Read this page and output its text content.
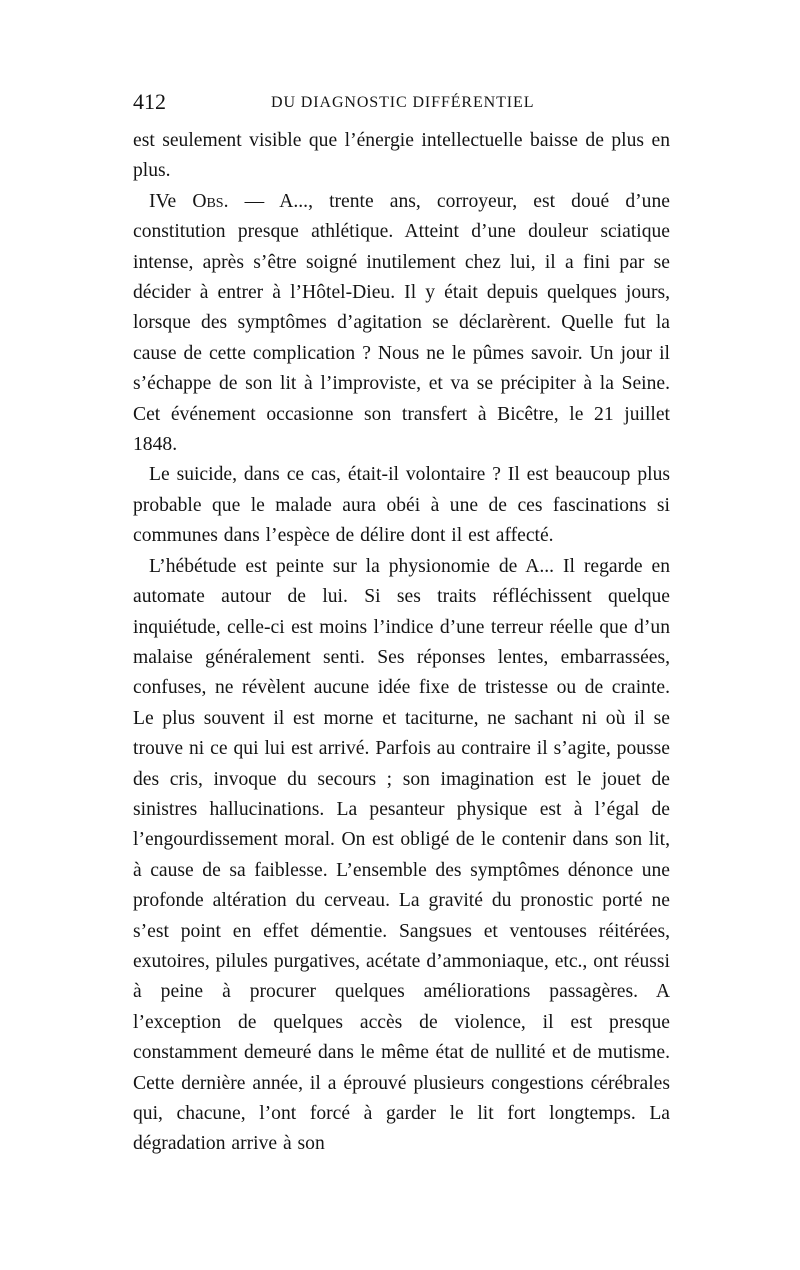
412	DU DIAGNOSTIC DIFFÉRENTIEL

est seulement visible que l’énergie intellectuelle baisse de plus en plus.

IVe Obs. — A..., trente ans, corroyeur, est doué d’une constitution presque athlétique. Atteint d’une douleur sciatique intense, après s’être soigné inutilement chez lui, il a fini par se décider à entrer à l’Hôtel-Dieu. Il y était depuis quelques jours, lorsque des symptômes d’agitation se déclarèrent. Quelle fut la cause de cette complication ? Nous ne le pûmes savoir. Un jour il s’échappe de son lit à l’improviste, et va se précipiter à la Seine. Cet événement occasionne son transfert à Bicêtre, le 21 juillet 1848.

Le suicide, dans ce cas, était-il volontaire ? Il est beaucoup plus probable que le malade aura obéi à une de ces fascinations si communes dans l’espèce de délire dont il est affecté.

L’hébétude est peinte sur la physionomie de A... Il regarde en automate autour de lui. Si ses traits réfléchissent quelque inquiétude, celle-ci est moins l’indice d’une terreur réelle que d’un malaise généralement senti. Ses réponses lentes, embarrassées, confuses, ne révèlent aucune idée fixe de tristesse ou de crainte. Le plus souvent il est morne et taciturne, ne sachant ni où il se trouve ni ce qui lui est arrivé. Parfois au contraire il s’agite, pousse des cris, invoque du secours ; son imagination est le jouet de sinistres hallucinations. La pesanteur physique est à l’égal de l’engourdissement moral. On est obligé de le contenir dans son lit, à cause de sa faiblesse. L’ensemble des symptômes dénonce une profonde altération du cerveau. La gravité du pronostic porté ne s’est point en effet démentie. Sangsues et ventouses réitérées, exutoires, pilules purgatives, acétate d’ammoniaque, etc., ont réussi à peine à procurer quelques améliorations passagères. A l’exception de quelques accès de violence, il est presque constamment demeuré dans le même état de nullité et de mutisme. Cette dernière année, il a éprouvé plusieurs congestions cérébrales qui, chacune, l’ont forcé à garder le lit fort longtemps. La dégradation arrive à son
